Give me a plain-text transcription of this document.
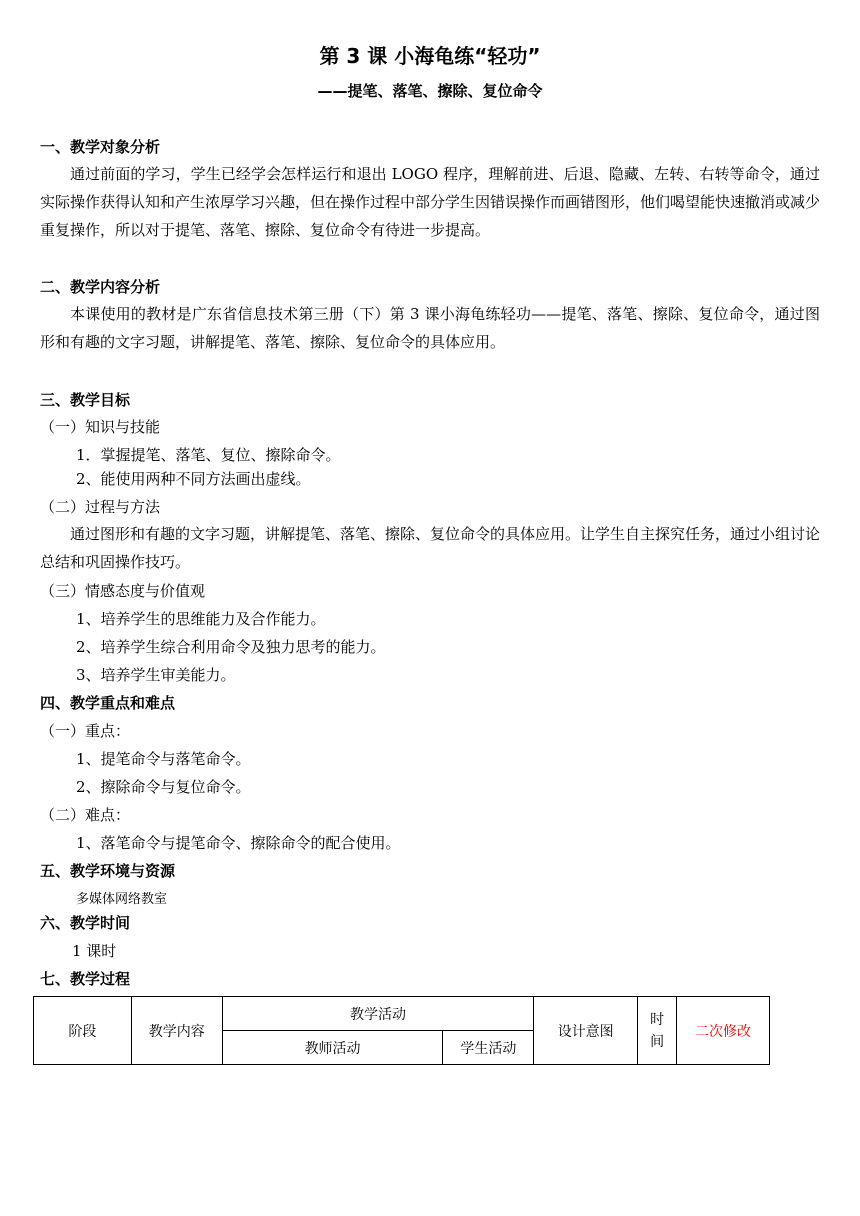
第 3 课 小海龟练“轻功”
——提笔、落笔、擦除、复位命令
一、教学对象分析
通过前面的学习，学生已经学会怎样运行和退出 LOGO 程序，理解前进、后退、隐藏、左转、右转等命令，通过实际操作获得认知和产生浓厚学习兴趣，但在操作过程中部分学生因错误操作而画错图形，他们喝望能快速撤消或减少重复操作，所以对于提笔、落笔、擦除、复位命令有待进一步提高。
二、教学内容分析
本课使用的教材是广东省信息技术第三册（下）第 3 课小海龟练轻功——提笔、落笔、擦除、复位命令，通过图形和有趣的文字习题，讲解提笔、落笔、擦除、复位命令的具体应用。
三、教学目标
（一）知识与技能
1．掌握提笔、落笔、复位、擦除命令。
2、能使用两种不同方法画出虚线。
（二）过程与方法
通过图形和有趣的文字习题，讲解提笔、落笔、擦除、复位命令的具体应用。让学生自主探究任务，通过小组讨论总结和巩固操作技巧。
（三）情感态度与价值观
1、培养学生的思维能力及合作能力。
2、培养学生综合利用命令及独力思考的能力。
3、培养学生审美能力。
四、教学重点和难点
（一）重点：
1、提笔命令与落笔命令。
2、擦除命令与复位命令。
（二）难点：
1、落笔命令与提笔命令、擦除命令的配合使用。
五、教学环境与资源
多媒体网络教室
六、教学时间
1 课时
七、教学过程
阶段	教学内容	教学活动		设计意图	时间	二次修改
		教师活动	学生活动			
